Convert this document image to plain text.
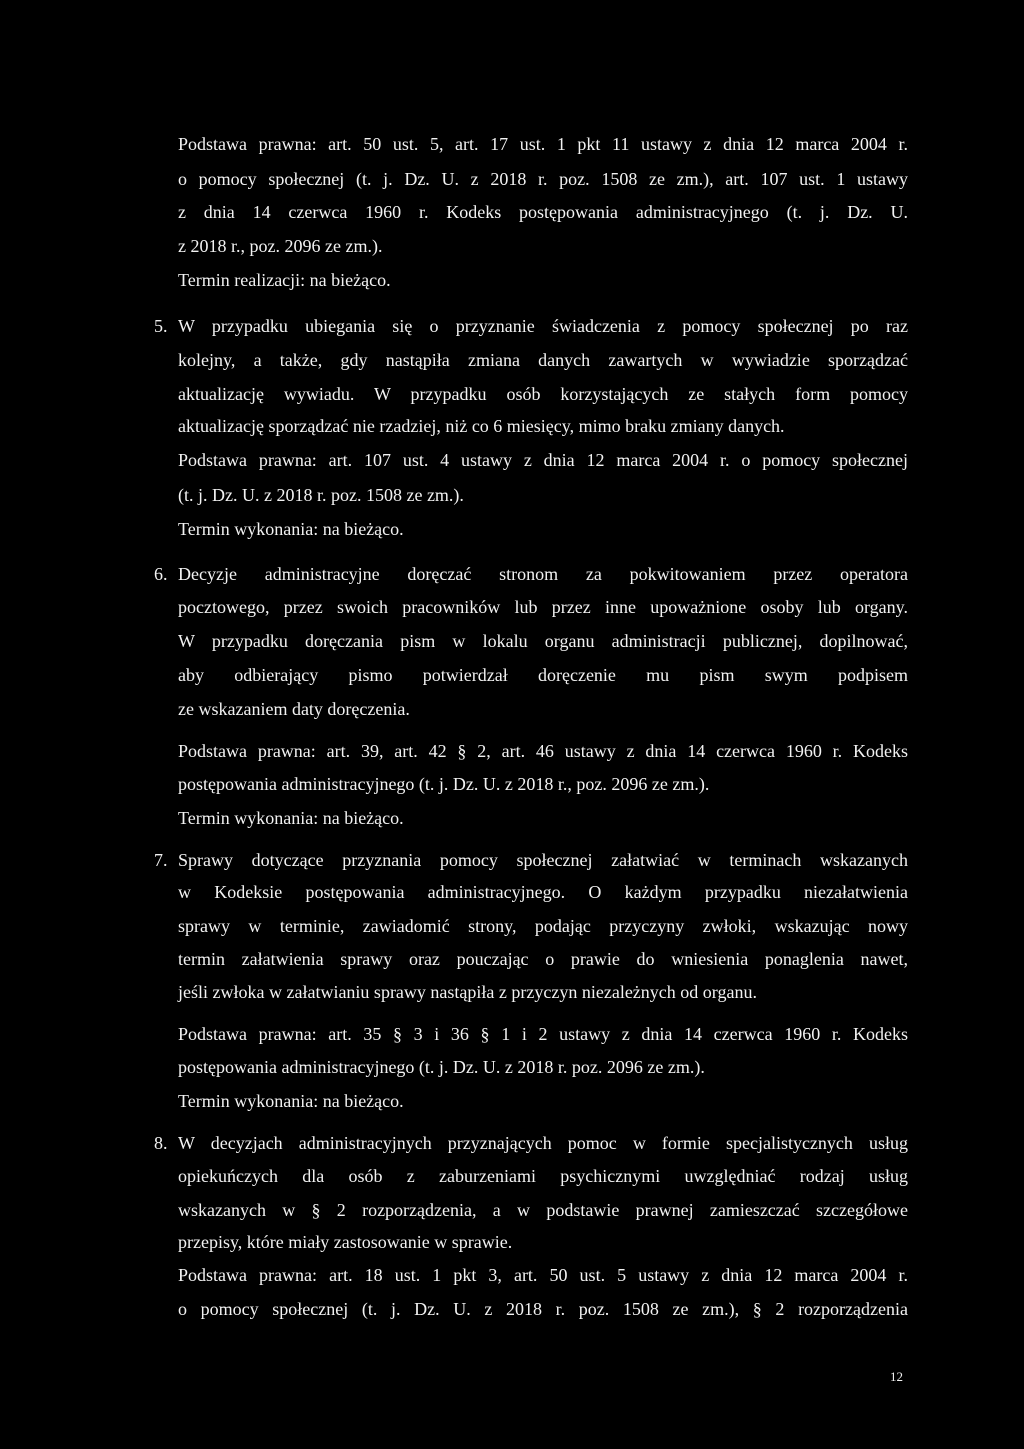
Podstawa prawna: art. 50 ust. 5, art. 17 ust. 1 pkt 11 ustawy z dnia 12 marca 2004 r.
o pomocy społecznej (t. j. Dz. U. z 2018 r. poz. 1508 ze zm.), art. 107 ust. 1 ustawy
z dnia 14 czerwca 1960 r. Kodeks postępowania administracyjnego (t. j. Dz. U.
z 2018 r., poz. 2096 ze zm.).
Termin realizacji: na bieżąco.
5. W przypadku ubiegania się o przyznanie świadczenia z pomocy społecznej po raz
kolejny, a także, gdy nastąpiła zmiana danych zawartych w wywiadzie sporządzać
aktualizację wywiadu. W przypadku osób korzystających ze stałych form pomocy
aktualizację sporządzać nie rzadziej, niż co 6 miesięcy, mimo braku zmiany danych.
Podstawa prawna: art. 107 ust. 4 ustawy z dnia 12 marca 2004 r. o pomocy społecznej
(t. j. Dz. U. z 2018 r. poz. 1508 ze zm.).
Termin wykonania: na bieżąco.
6. Decyzje administracyjne doręczać stronom za pokwitowaniem przez operatora
pocztowego, przez swoich pracowników lub przez inne upoważnione osoby lub organy.
W przypadku doręczania pism w lokalu organu administracji publicznej, dopilnować,
aby odbierający pismo potwierdzał doręczenie mu pism swym podpisem
ze wskazaniem daty doręczenia.
Podstawa prawna: art. 39, art. 42 § 2, art. 46 ustawy z dnia 14 czerwca 1960 r. Kodeks
postępowania administracyjnego (t. j. Dz. U. z 2018 r., poz. 2096 ze zm.).
Termin wykonania: na bieżąco.
7. Sprawy dotyczące przyznania pomocy społecznej załatwiać w terminach wskazanych
w Kodeksie postępowania administracyjnego. O każdym przypadku niezałatwienia
sprawy w terminie, zawiadomić strony, podając przyczyny zwłoki, wskazując nowy
termin załatwienia sprawy oraz pouczając o prawie do wniesienia ponaglenia nawet,
jeśli zwłoka w załatwianiu sprawy nastąpiła z przyczyn niezależnych od organu.
Podstawa prawna: art. 35 § 3 i 36 § 1 i 2 ustawy z dnia 14 czerwca 1960 r. Kodeks
postępowania administracyjnego (t. j. Dz. U. z 2018 r. poz. 2096 ze zm.).
Termin wykonania: na bieżąco.
8. W decyzjach administracyjnych przyznających pomoc w formie specjalistycznych usług
opiekuńczych dla osób z zaburzeniami psychicznymi uwzględniać rodzaj usług
wskazanych w § 2 rozporządzenia, a w podstawie prawnej zamieszczać szczegółowe
przepisy, które miały zastosowanie w sprawie.
Podstawa prawna: art. 18 ust. 1 pkt 3, art. 50 ust. 5 ustawy z dnia 12 marca 2004 r.
o pomocy społecznej (t. j. Dz. U. z 2018 r. poz. 1508 ze zm.), § 2 rozporządzenia
12
